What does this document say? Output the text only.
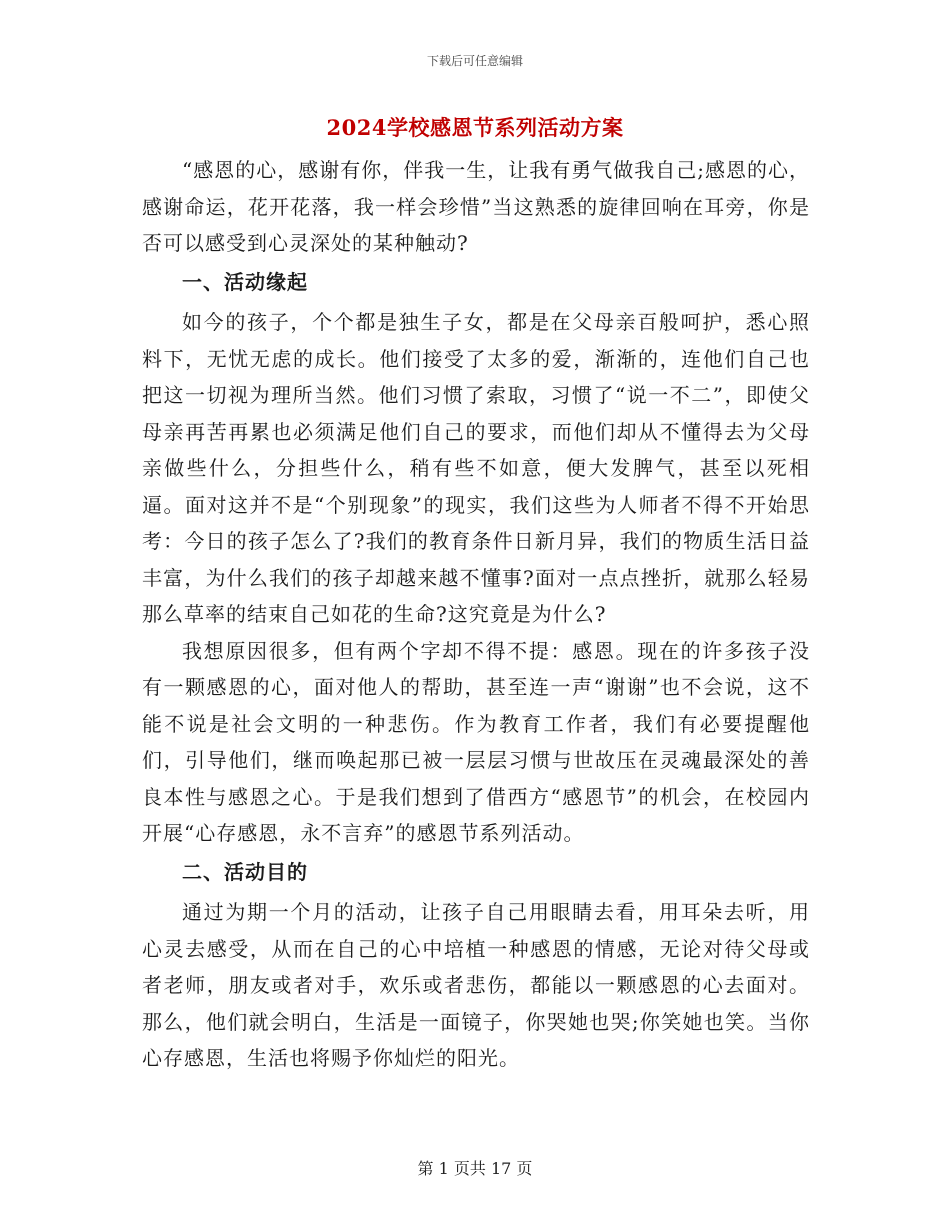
下载后可任意编辑
2024学校感恩节系列活动方案

“感恩的心，感谢有你，伴我一生，让我有勇气做我自己;感恩的心，感谢命运，花开花落，我一样会珍惜”当这熟悉的旋律回响在耳旁，你是否可以感受到心灵深处的某种触动?

一、活动缘起

如今的孩子，个个都是独生子女，都是在父母亲百般呵护，悉心照料下，无忧无虑的成长。他们接受了太多的爱，渐渐的，连他们自己也把这一切视为理所当然。他们习惯了索取，习惯了“说一不二”，即使父母亲再苦再累也必须满足他们自己的要求，而他们却从不懂得去为父母亲做些什么，分担些什么，稍有些不如意，便大发脾气，甚至以死相逼。面对这并不是“个别现象”的现实，我们这些为人师者不得不开始思考：今日的孩子怎么了?我们的教育条件日新月异，我们的物质生活日益丰富，为什么我们的孩子却越来越不懂事?面对一点点挫折，就那么轻易那么草率的结束自己如花的生命?这究竟是为什么?

我想原因很多，但有两个字却不得不提：感恩。现在的许多孩子没有一颗感恩的心，面对他人的帮助，甚至连一声“谢谢”也不会说，这不能不说是社会文明的一种悲伤。作为教育工作者，我们有必要提醒他们，引导他们，继而唤起那已被一层层习惯与世故压在灵魂最深处的善良本性与感恩之心。于是我们想到了借西方“感恩节”的机会，在校园内开展“心存感恩，永不言弃”的感恩节系列活动。

二、活动目的

通过为期一个月的活动，让孩子自己用眼睛去看，用耳朵去听，用心灵去感受，从而在自己的心中培植一种感恩的情感，无论对待父母或者老师，朋友或者对手，欢乐或者悲伤，都能以一颗感恩的心去面对。那么，他们就会明白，生活是一面镜子，你哭她也哭;你笑她也笑。当你心存感恩，生活也将赐予你灿烂的阳光。

第 1 页共 17 页
